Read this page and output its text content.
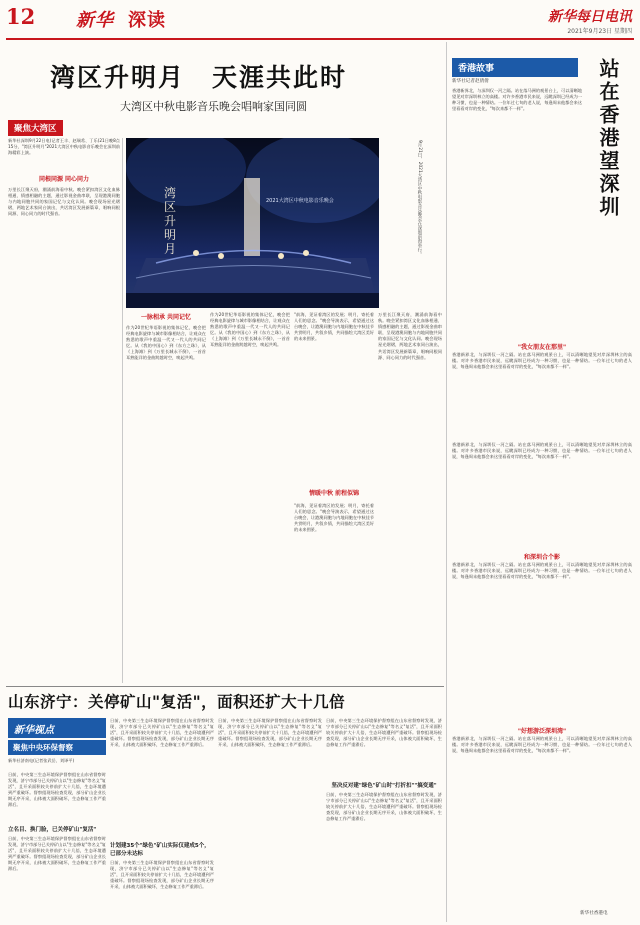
12 新华 深读	新华每日电讯
2021年9月23日 星期四
湾区升明月　天涯共此时
大湾区中秋电影音乐晚会唱响家国同圆
聚焦大湾区
新华社深圳9月22日电(记者王丰、赵瑞希、丁乐)21日晚8点15分，"湾区升明月"2021大湾区中秋电影音乐晚会在深圳前海精彩上演。
同根同源 同心同力
万里长江聚天府，潮涌前海看中秋。晚会紧扣湾区文化血脉相通、情感相融的主题，通过影视金曲串联，呈现港澳同胞与内地同胞共同的家国记忆与文化认同。晚会现场星光熠熠，两地艺术家同台演出，共话湾区发展新篇章，唱响同根同源、同心同力的时代强音。
湾区升明月
2021大湾区中秋电影音乐晚会	9月21日，2021大湾区中秋电影音乐晚会在深圳前海举行。
一脉相承 共同记忆
作为20世纪华语影视的集体记忆，晚会把经典电影旋律与城市影像相结合，让观众在熟悉的歌声中重温一代又一代人的共同记忆。从《我的中国心》到《东方之珠》，从《上海滩》到《万里长城永不倒》，一首首耳熟能详的金曲跨越时空，唤起共鸣。
作为20世纪华语影视的集体记忆，晚会把经典电影旋律与城市影像相结合，让观众在熟悉的歌声中重温一代又一代人的共同记忆。从《我的中国心》到《东方之珠》，从《上海滩》到《万里长城永不倒》，一首首耳熟能详的金曲跨越时空，唤起共鸣。
"前海，见证着湾区的发展；明月，寄托着人们的思念。"晚会导演表示，希望通过这台晚会，让港澳同胞与内地同胞在中秋佳节共赏明月，共叙乡情，共同描绘大湾区美好的未来图景。
情暖中秋 前程似锦
"前海，见证着湾区的发展；明月，寄托着人们的思念。"晚会导演表示，希望通过这台晚会，让港澳同胞与内地同胞在中秋佳节共赏明月，共叙乡情，共同描绘大湾区美好的未来图景。
万里长江聚天府，潮涌前海看中秋。晚会紧扣湾区文化血脉相通、情感相融的主题，通过影视金曲串联，呈现港澳同胞与内地同胞共同的家国记忆与文化认同。晚会现场星光熠熠，两地艺术家同台演出，共话湾区发展新篇章，唱响同根同源、同心同力的时代强音。
香港故事
新华社记者赵倩倩	站在香港望深圳
香港新界北，与深圳仅一河之隔。站在落马洲的观景台上，可以清晰地望见对岸深圳林立的高楼。对许多香港市民来说，远眺深圳已经成为一种习惯，也是一种情结。一位年过七旬的老人说，每逢周末他都会来这里看看对岸的变化，"每次来都不一样"。
"我女朋友在那里"
香港新界北，与深圳仅一河之隔。站在落马洲的观景台上，可以清晰地望见对岸深圳林立的高楼。对许多香港市民来说，远眺深圳已经成为一种习惯，也是一种情结。一位年过七旬的老人说，每逢周末他都会来这里看看对岸的变化，"每次来都不一样"。
香港新界北，与深圳仅一河之隔。站在落马洲的观景台上，可以清晰地望见对岸深圳林立的高楼。对许多香港市民来说，远眺深圳已经成为一种习惯，也是一种情结。一位年过七旬的老人说，每逢周末他都会来这里看看对岸的变化，"每次来都不一样"。
和深圳合个影
香港新界北，与深圳仅一河之隔。站在落马洲的观景台上，可以清晰地望见对岸深圳林立的高楼。对许多香港市民来说，远眺深圳已经成为一种习惯，也是一种情结。一位年过七旬的老人说，每逢周末他都会来这里看看对岸的变化，"每次来都不一样"。
"好想游泛深圳湾"
香港新界北，与深圳仅一河之隔。站在落马洲的观景台上，可以清晰地望见对岸深圳林立的高楼。对许多香港市民来说，远眺深圳已经成为一种习惯，也是一种情结。一位年过七旬的老人说，每逢周末他都会来这里看看对岸的变化，"每次来都不一样"。
新华社香港电
山东济宁：关停矿山"复活"，面积还扩大十几倍
新华视点
聚焦中央环保督察
新华社济南电(记者张武岳、刘译平)
日前，中央第三生态环境保护督察组在山东省督察时发现，济宁市部分已关停矿山以"生态修复"等名义"复活"，且开采面积较关停前扩大十几倍，生态环境遭到严重破坏。督察组现场检查发现，部分矿山企业长期无序开采，山体被大面积破坏，生态修复工作严重滞后。
立名目、换门脸，已关停矿山"复活"
日前，中央第三生态环境保护督察组在山东省督察时发现，济宁市部分已关停矿山以"生态修复"等名义"复活"，且开采面积较关停前扩大十几倍，生态环境遭到严重破坏。督察组现场检查发现，部分矿山企业长期无序开采，山体被大面积破坏，生态修复工作严重滞后。
日前，中央第三生态环境保护督察组在山东省督察时发现，济宁市部分已关停矿山以"生态修复"等名义"复活"，且开采面积较关停前扩大十几倍，生态环境遭到严重破坏。督察组现场检查发现，部分矿山企业长期无序开采，山体被大面积破坏，生态修复工作严重滞后。
计划建35个"绿色"矿山实际仅建成5个，已部分未达标
日前，中央第三生态环境保护督察组在山东省督察时发现，济宁市部分已关停矿山以"生态修复"等名义"复活"，且开采面积较关停前扩大十几倍，生态环境遭到严重破坏。督察组现场检查发现，部分矿山企业长期无序开采，山体被大面积破坏，生态修复工作严重滞后。
日前，中央第三生态环境保护督察组在山东省督察时发现，济宁市部分已关停矿山以"生态修复"等名义"复活"，且开采面积较关停前扩大十几倍，生态环境遭到严重破坏。督察组现场检查发现，部分矿山企业长期无序开采，山体被大面积破坏，生态修复工作严重滞后。
日前，中央第三生态环境保护督察组在山东省督察时发现，济宁市部分已关停矿山以"生态修复"等名义"复活"，且开采面积较关停前扩大十几倍，生态环境遭到严重破坏。督察组现场检查发现，部分矿山企业长期无序开采，山体被大面积破坏，生态修复工作严重滞后。
坚决反对建"绿色"矿山时"打折扣""搞变通"
日前，中央第三生态环境保护督察组在山东省督察时发现，济宁市部分已关停矿山以"生态修复"等名义"复活"，且开采面积较关停前扩大十几倍，生态环境遭到严重破坏。督察组现场检查发现，部分矿山企业长期无序开采，山体被大面积破坏，生态修复工作严重滞后。
